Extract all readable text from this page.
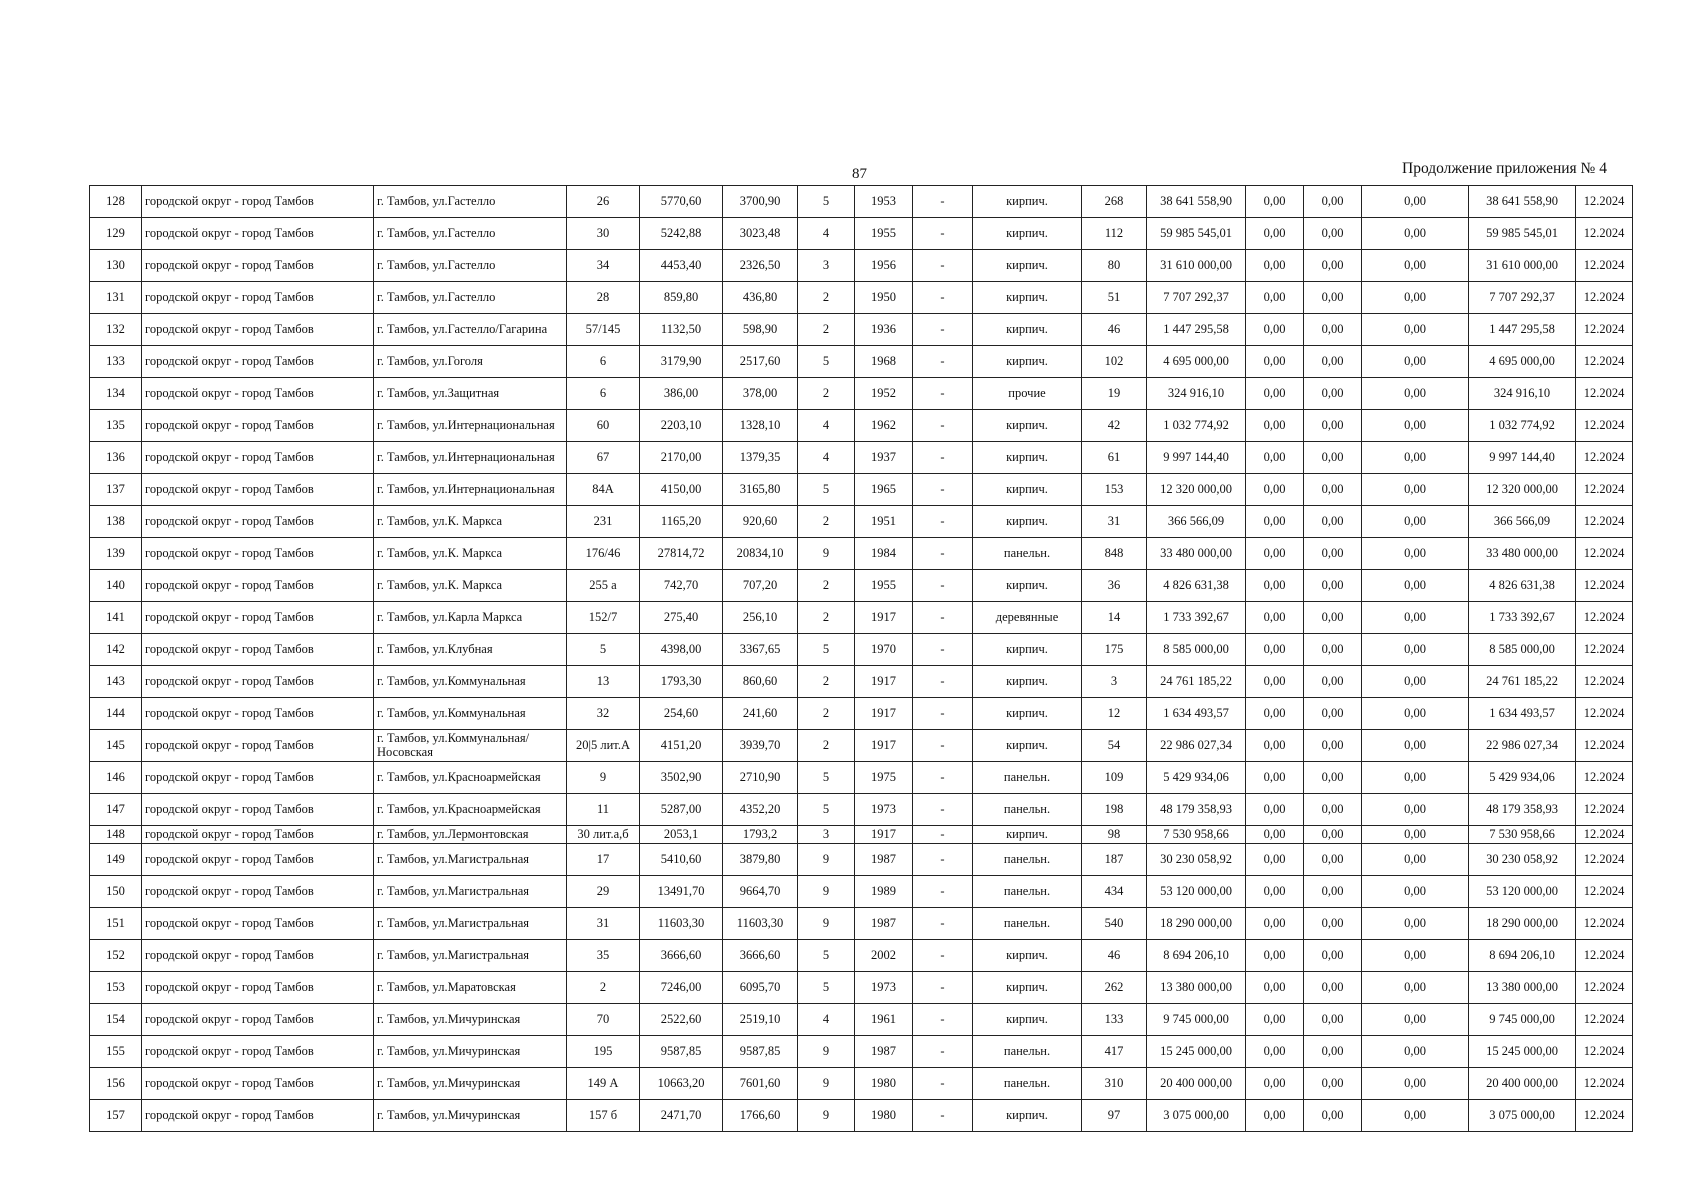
87	Продолжение приложения № 4
128	городской округ - город Тамбов	г. Тамбов, ул.Гастелло	26	5770,60	3700,90	5	1953	-	кирпич.	268	38 641 558,90	0,00	0,00	0,00	38 641 558,90	12.2024
129	городской округ - город Тамбов	г. Тамбов, ул.Гастелло	30	5242,88	3023,48	4	1955	-	кирпич.	112	59 985 545,01	0,00	0,00	0,00	59 985 545,01	12.2024
130	городской округ - город Тамбов	г. Тамбов, ул.Гастелло	34	4453,40	2326,50	3	1956	-	кирпич.	80	31 610 000,00	0,00	0,00	0,00	31 610 000,00	12.2024
131	городской округ - город Тамбов	г. Тамбов, ул.Гастелло	28	859,80	436,80	2	1950	-	кирпич.	51	7 707 292,37	0,00	0,00	0,00	7 707 292,37	12.2024
132	городской округ - город Тамбов	г. Тамбов, ул.Гастелло/Гагарина	57/145	1132,50	598,90	2	1936	-	кирпич.	46	1 447 295,58	0,00	0,00	0,00	1 447 295,58	12.2024
133	городской округ - город Тамбов	г. Тамбов, ул.Гоголя	6	3179,90	2517,60	5	1968	-	кирпич.	102	4 695 000,00	0,00	0,00	0,00	4 695 000,00	12.2024
134	городской округ - город Тамбов	г. Тамбов, ул.Защитная	6	386,00	378,00	2	1952	-	прочие	19	324 916,10	0,00	0,00	0,00	324 916,10	12.2024
135	городской округ - город Тамбов	г. Тамбов, ул.Интернациональная	60	2203,10	1328,10	4	1962	-	кирпич.	42	1 032 774,92	0,00	0,00	0,00	1 032 774,92	12.2024
136	городской округ - город Тамбов	г. Тамбов, ул.Интернациональная	67	2170,00	1379,35	4	1937	-	кирпич.	61	9 997 144,40	0,00	0,00	0,00	9 997 144,40	12.2024
137	городской округ - город Тамбов	г. Тамбов, ул.Интернациональная	84А	4150,00	3165,80	5	1965	-	кирпич.	153	12 320 000,00	0,00	0,00	0,00	12 320 000,00	12.2024
138	городской округ - город Тамбов	г. Тамбов, ул.К. Маркса	231	1165,20	920,60	2	1951	-	кирпич.	31	366 566,09	0,00	0,00	0,00	366 566,09	12.2024
139	городской округ - город Тамбов	г. Тамбов, ул.К. Маркса	176/46	27814,72	20834,10	9	1984	-	панельн.	848	33 480 000,00	0,00	0,00	0,00	33 480 000,00	12.2024
140	городской округ - город Тамбов	г. Тамбов, ул.К. Маркса	255 а	742,70	707,20	2	1955	-	кирпич.	36	4 826 631,38	0,00	0,00	0,00	4 826 631,38	12.2024
141	городской округ - город Тамбов	г. Тамбов, ул.Карла Маркса	152/7	275,40	256,10	2	1917	-	деревянные	14	1 733 392,67	0,00	0,00	0,00	1 733 392,67	12.2024
142	городской округ - город Тамбов	г. Тамбов, ул.Клубная	5	4398,00	3367,65	5	1970	-	кирпич.	175	8 585 000,00	0,00	0,00	0,00	8 585 000,00	12.2024
143	городской округ - город Тамбов	г. Тамбов, ул.Коммунальная	13	1793,30	860,60	2	1917	-	кирпич.	3	24 761 185,22	0,00	0,00	0,00	24 761 185,22	12.2024
144	городской округ - город Тамбов	г. Тамбов, ул.Коммунальная	32	254,60	241,60	2	1917	-	кирпич.	12	1 634 493,57	0,00	0,00	0,00	1 634 493,57	12.2024
145	городской округ - город Тамбов	г. Тамбов, ул.Коммунальная/Носовская	20|5 лит.А	4151,20	3939,70	2	1917	-	кирпич.	54	22 986 027,34	0,00	0,00	0,00	22 986 027,34	12.2024
146	городской округ - город Тамбов	г. Тамбов, ул.Красноармейская	9	3502,90	2710,90	5	1975	-	панельн.	109	5 429 934,06	0,00	0,00	0,00	5 429 934,06	12.2024
147	городской округ - город Тамбов	г. Тамбов, ул.Красноармейская	11	5287,00	4352,20	5	1973	-	панельн.	198	48 179 358,93	0,00	0,00	0,00	48 179 358,93	12.2024
148	городской округ - город Тамбов	г. Тамбов, ул.Лермонтовская	30 лит.а,б	2053,1	1793,2	3	1917	-	кирпич.	98	7 530 958,66	0,00	0,00	0,00	7 530 958,66	12.2024
149	городской округ - город Тамбов	г. Тамбов, ул.Магистральная	17	5410,60	3879,80	9	1987	-	панельн.	187	30 230 058,92	0,00	0,00	0,00	30 230 058,92	12.2024
150	городской округ - город Тамбов	г. Тамбов, ул.Магистральная	29	13491,70	9664,70	9	1989	-	панельн.	434	53 120 000,00	0,00	0,00	0,00	53 120 000,00	12.2024
151	городской округ - город Тамбов	г. Тамбов, ул.Магистральная	31	11603,30	11603,30	9	1987	-	панельн.	540	18 290 000,00	0,00	0,00	0,00	18 290 000,00	12.2024
152	городской округ - город Тамбов	г. Тамбов, ул.Магистральная	35	3666,60	3666,60	5	2002	-	кирпич.	46	8 694 206,10	0,00	0,00	0,00	8 694 206,10	12.2024
153	городской округ - город Тамбов	г. Тамбов, ул.Маратовская	2	7246,00	6095,70	5	1973	-	кирпич.	262	13 380 000,00	0,00	0,00	0,00	13 380 000,00	12.2024
154	городской округ - город Тамбов	г. Тамбов, ул.Мичуринская	70	2522,60	2519,10	4	1961	-	кирпич.	133	9 745 000,00	0,00	0,00	0,00	9 745 000,00	12.2024
155	городской округ - город Тамбов	г. Тамбов, ул.Мичуринская	195	9587,85	9587,85	9	1987	-	панельн.	417	15 245 000,00	0,00	0,00	0,00	15 245 000,00	12.2024
156	городской округ - город Тамбов	г. Тамбов, ул.Мичуринская	149 А	10663,20	7601,60	9	1980	-	панельн.	310	20 400 000,00	0,00	0,00	0,00	20 400 000,00	12.2024
157	городской округ - город Тамбов	г. Тамбов, ул.Мичуринская	157 б	2471,70	1766,60	9	1980	-	кирпич.	97	3 075 000,00	0,00	0,00	0,00	3 075 000,00	12.2024
